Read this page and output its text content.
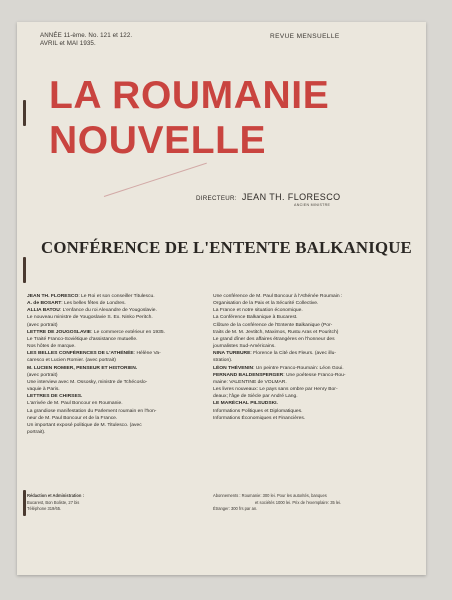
ANNÉE 11-ème. No. 121 et 122.
AVRIL et MAI 1935.
REVUE MENSUELLE
LA ROUMANIE
NOUVELLE
DIRECTEUR: JEAN TH. FLORESCO
ANCIEN MINISTRE
CONFÉRENCE DE L'ENTENTE BALKANIQUE
JEAN TH. FLORESCO: Le Roi et son conseiller Titulescu.
A. de BOSART: Les belles fêtes de Londres.
ALLIA BATOU: L'enfance du roi Alexandre de Yougoslavie.
Le nouveau ministre de Yougoslavie S. Ex. Ninko Peritch.
(avec portrait)
LETTRE DE JOUGOSLAVIE: Le commerce extérieur en 1935.
Le Traité Franco-Soviétique d'assistance mutuelle.
Nos hôtes de marque.
LES BELLES CONFÉRENCES DE L'ATHÉNÉE: Hélène Va-
caresco et Lucien Romier. (avec portrait)
M. LUCIEN ROMIER, PENSEUR ET HISTORIEN.
(avec portrait)
Une interview avec M. Ossosky, ministre de Tchécoslo-
vaquie à Paris.
LETTRES DE CHIRSES.
L'arrivée de M. Paul Boncour en Roumanie.
La grandiose manifestation du Parlement roumain en l'hon-
neur de M. Paul Boncour et de la France.
Un important exposé politique de M. Titulesco. (avec
portrait).
Une conférence de M. Paul Boncour à l'Athénée Roumain :
Organisation de la Paix et la Sécurité Collective.
La France et notre situation économique.
La Conférence Balkanique à Bucarest.
Clôture de la conférence de l'Entente Balkanique (Por-
traits de M. M. Jevtitch, Maximos, Rustu Aras et Pouritch)
Le grand dîner des affaires étrangères en l'honneur des
journalistes Sud-Américains.
NINA TURBURE: Florence la Cité des Fleurs. (avec illu-
stration).
LÉON THÉVENIN: Un peintre Franco-Roumain: Léon Goui.
FERNAND BALDENSPERGER: Une poétesse Franco-Rou-
maine: VALENTINE de VOLMAR.
Les livres nouveaux: Le pays sans ombre par Henry Bor-
deaux; l'âge de Siècle par André Lang.
LE MARÉCHAL PILSUDSKI.
Informations Politiques et Diplomatiques.
Informations Économiques et Financières.
Rédaction et Administration :
Bucarest, Bon Boliste, 27 bis
Téléphone 319/65.
Abonnements : Roumanie: 300 lei. Pour les autorités, banques
et sociétés 1000 lei. Prix de l'exemplaire: 35 lei.
Étranger: 300 frs par an.
